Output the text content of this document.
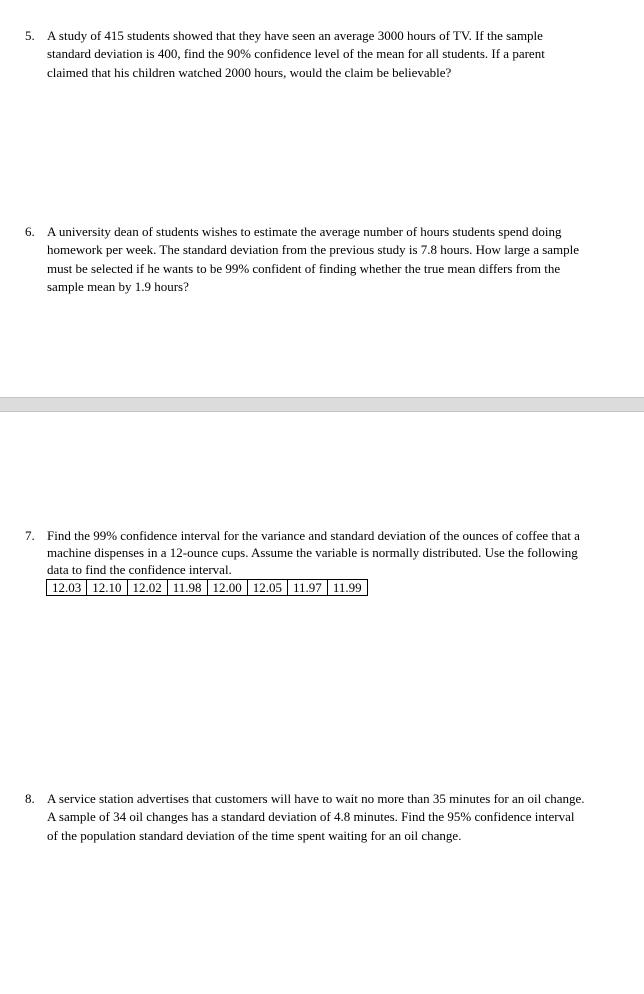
5. A study of 415 students showed that they have seen an average 3000 hours of TV. If the sample standard deviation is 400, find the 90% confidence level of the mean for all students. If a parent claimed that his children watched 2000 hours, would the claim be believable?
6. A university dean of students wishes to estimate the average number of hours students spend doing homework per week. The standard deviation from the previous study is 7.8 hours. How large a sample must be selected if he wants to be 99% confident of finding whether the true mean differs from the sample mean by 1.9 hours?
7. Find the 99% confidence interval for the variance and standard deviation of the ounces of coffee that a machine dispenses in a 12-ounce cups. Assume the variable is normally distributed. Use the following data to find the confidence interval.
12.03	12.10	12.02	11.98	12.00	12.05	11.97	11.99
8. A service station advertises that customers will have to wait no more than 35 minutes for an oil change. A sample of 34 oil changes has a standard deviation of 4.8 minutes. Find the 95% confidence interval of the population standard deviation of the time spent waiting for an oil change.
